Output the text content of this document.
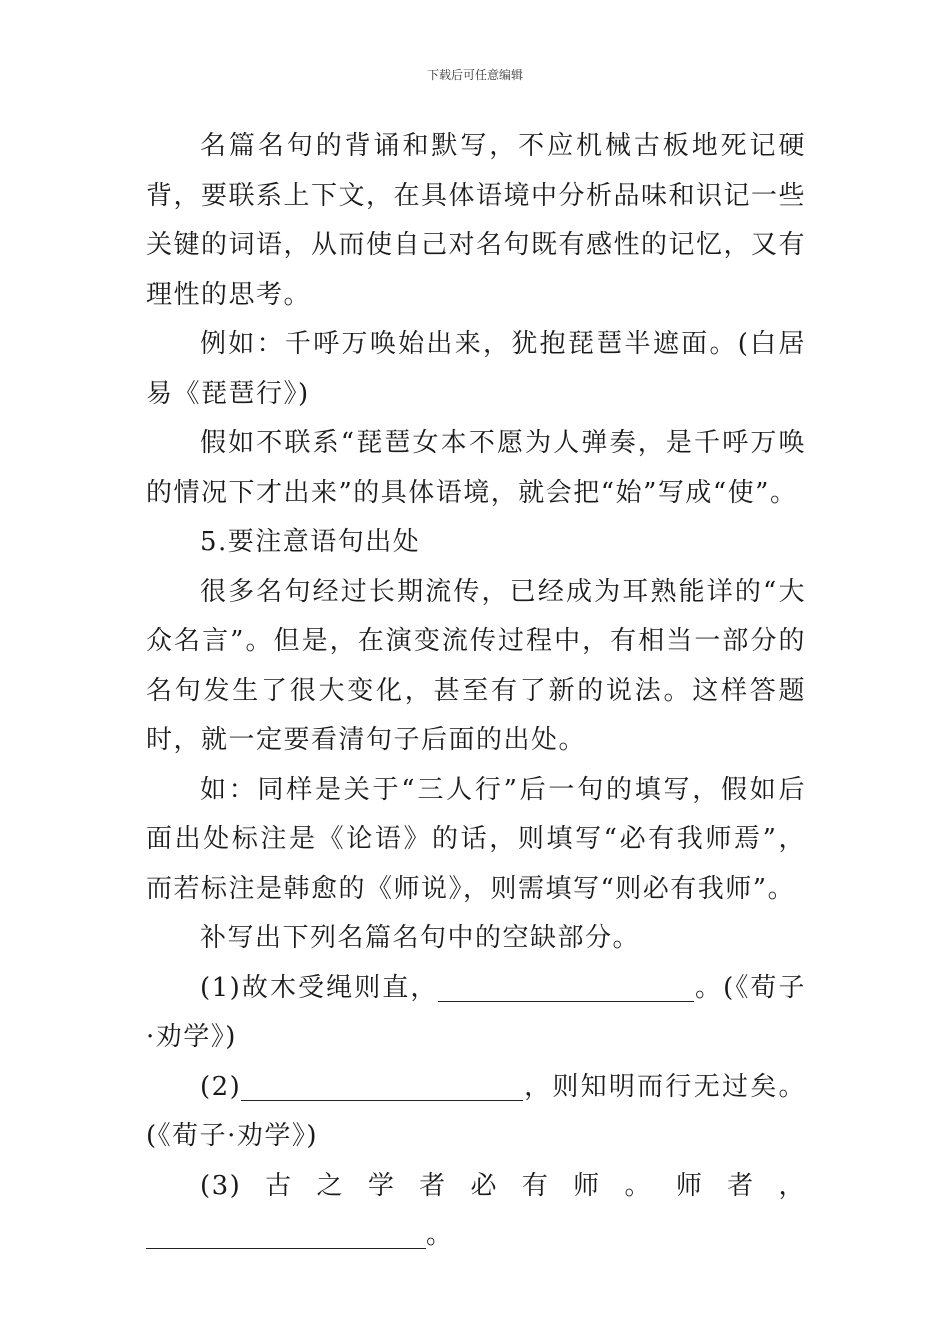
下载后可任意编辑

名篇名句的背诵和默写，不应机械古板地死记硬背，要联系上下文，在具体语境中分析品味和识记一些关键的词语，从而使自己对名句既有感性的记忆，又有理性的思考。

例如：千呼万唤始出来，犹抱琵琶半遮面。(白居易《琵琶行》)

假如不联系“琵琶女本不愿为人弹奏，是千呼万唤的情况下才出来”的具体语境，就会把“始”写成“使”。

5.要注意语句出处

很多名句经过长期流传，已经成为耳熟能详的“大众名言”。但是，在演变流传过程中，有相当一部分的名句发生了很大变化，甚至有了新的说法。这样答题时，就一定要看清句子后面的出处。

如：同样是关于“三人行”后一句的填写，假如后面出处标注是《论语》的话，则填写“必有我师焉”，而若标注是韩愈的《师说》，则需填写“则必有我师”。

补写出下列名篇名句中的空缺部分。

(1)故木受绳则直，	。(《荀子·劝学》)

(2)	，则知明而行无过矣。(《荀子·劝学》)

(3)古之学者必有师。师者，。
